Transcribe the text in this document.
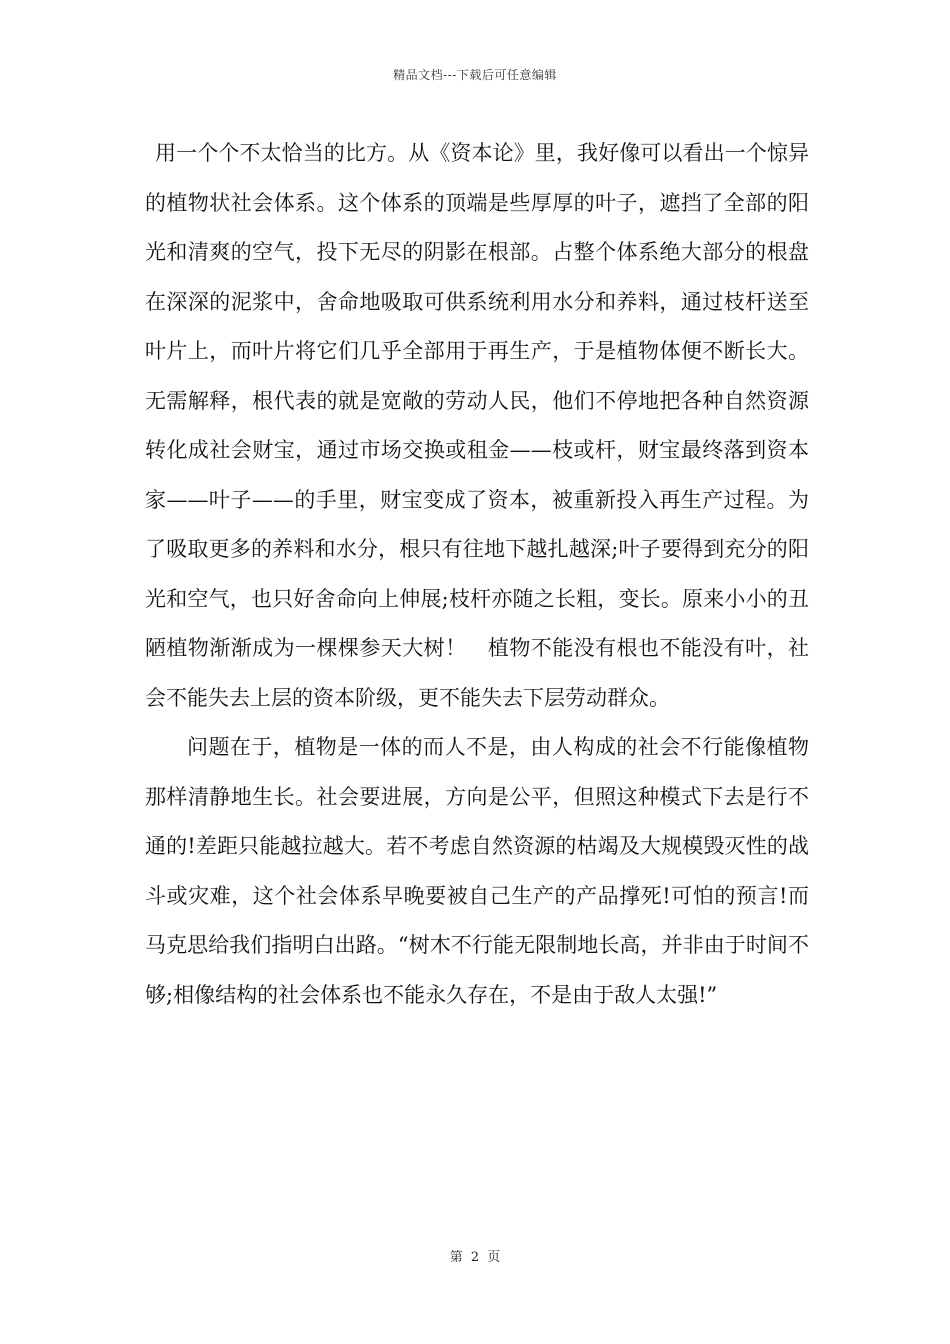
精品文档---下载后可任意编辑

用一个个不太恰当的比方。从《资本论》里，我好像可以看出一个惊异的植物状社会体系。这个体系的顶端是些厚厚的叶子，遮挡了全部的阳光和清爽的空气，投下无尽的阴影在根部。占整个体系绝大部分的根盘在深深的泥浆中，舍命地吸取可供系统利用水分和养料，通过枝杆送至叶片上，而叶片将它们几乎全部用于再生产，于是植物体便不断长大。无需解释，根代表的就是宽敞的劳动人民，他们不停地把各种自然资源转化成社会财宝，通过市场交换或租金——枝或杆，财宝最终落到资本家——叶子——的手里，财宝变成了资本，被重新投入再生产过程。为了吸取更多的养料和水分，根只有往地下越扎越深;叶子要得到充分的阳光和空气，也只好舍命向上伸展;枝杆亦随之长粗，变长。原来小小的丑陋植物渐渐成为一棵棵参天大树！　植物不能没有根也不能没有叶，社会不能失去上层的资本阶级，更不能失去下层劳动群众。

问题在于，植物是一体的而人不是，由人构成的社会不行能像植物那样清静地生长。社会要进展，方向是公平，但照这种模式下去是行不通的!差距只能越拉越大。若不考虑自然资源的枯竭及大规模毁灭性的战斗或灾难，这个社会体系早晚要被自己生产的产品撑死!可怕的预言!而马克思给我们指明白出路。“树木不行能无限制地长高，并非由于时间不够;相像结构的社会体系也不能永久存在，不是由于敌人太强!”

第 2 页
